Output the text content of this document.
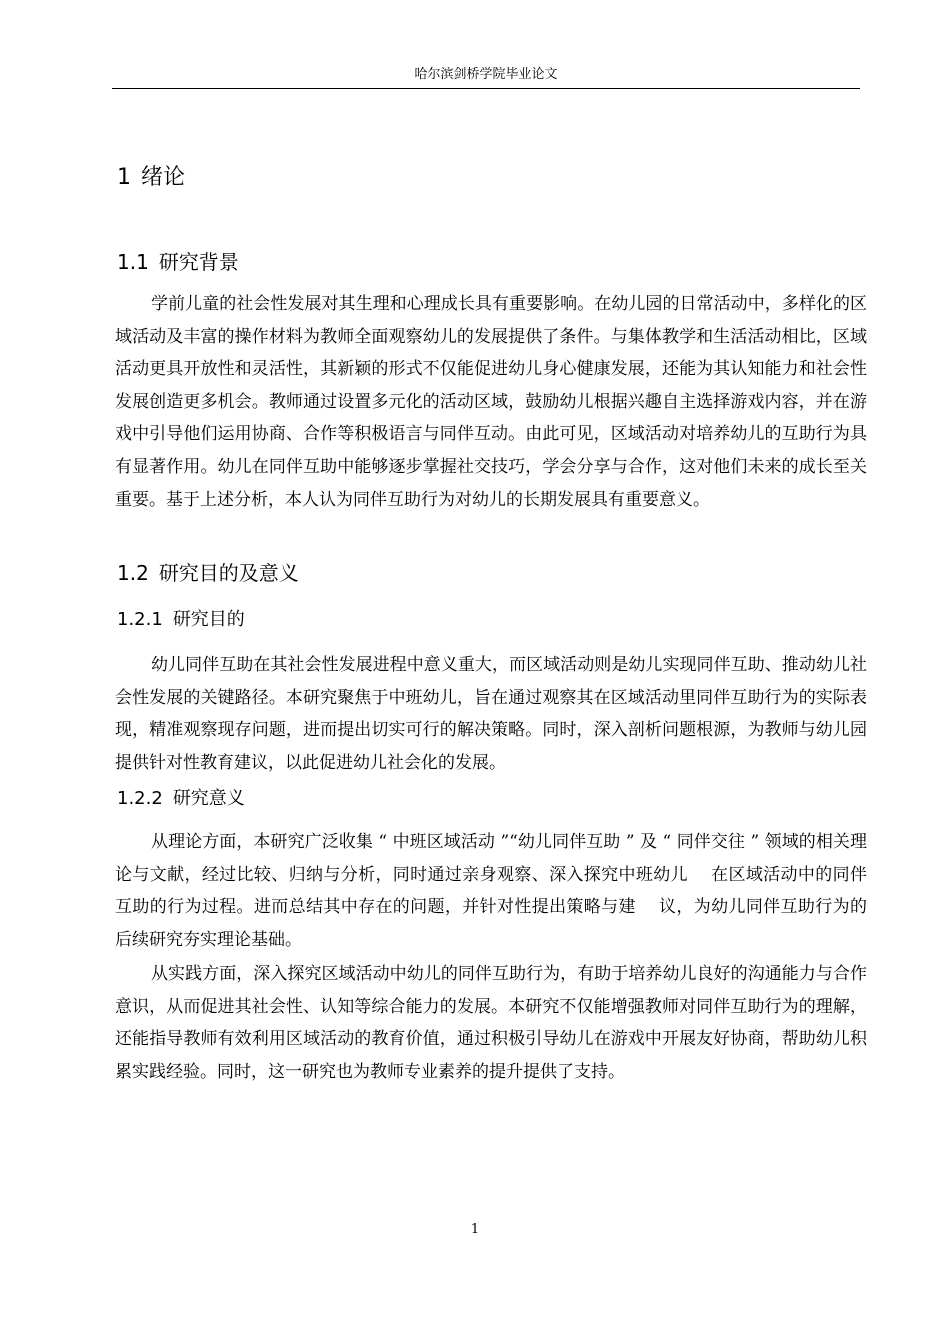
哈尔滨剑桥学院毕业论文
1 绪论
1.1 研究背景

学前儿童的社会性发展对其生理和心理成长具有重要影响。在幼儿园的日常活动中，多样化的区域活动及丰富的操作材料为教师全面观察幼儿的发展提供了条件。与集体教学和生活活动相比，区域活动更具开放性和灵活性，其新颖的形式不仅能促进幼儿身心健康发展，还能为其认知能力和社会性发展创造更多机会。教师通过设置多元化的活动区域，鼓励幼儿根据兴趣自主选择游戏内容，并在游戏中引导他们运用协商、合作等积极语言与同伴互动。由此可见，区域活动对培养幼儿的互助行为具有显著作用。幼儿在同伴互助中能够逐步掌握社交技巧，学会分享与合作，这对他们未来的成长至关重要。基于上述分析，本人认为同伴互助行为对幼儿的长期发展具有重要意义。

1.2 研究目的及意义
1.2.1 研究目的

幼儿同伴互助在其社会性发展进程中意义重大，而区域活动则是幼儿实现同伴互助、推动幼儿社会性发展的关键路径。本研究聚焦于中班幼儿，旨在通过观察其在区域活动里同伴互助行为的实际表现，精准观察现存问题，进而提出切实可行的解决策略。同时，深入剖析问题根源，为教师与幼儿园提供针对性教育建议，以此促进幼儿社会化的发展。

1.2.2 研究意义

从理论方面，本研究广泛收集 “ 中班区域活动 ”“幼儿同伴互助 ” 及 “ 同伴交往 ” 领域的相关理论与文献，经过比较、归纳与分析，同时通过亲身观察、深入探究中班幼儿　 在区域活动中的同伴互助的行为过程。进而总结其中存在的问题，并针对性提出策略与建　 议，为幼儿同伴互助行为的后续研究夯实理论基础。

从实践方面，深入探究区域活动中幼儿的同伴互助行为，有助于培养幼儿良好的沟通能力与合作意识，从而促进其社会性、认知等综合能力的发展。本研究不仅能增强教师对同伴互助行为的理解，还能指导教师有效利用区域活动的教育价值，通过积极引导幼儿在游戏中开展友好协商，帮助幼儿积累实践经验。同时，这一研究也为教师专业素养的提升提供了支持。

1
